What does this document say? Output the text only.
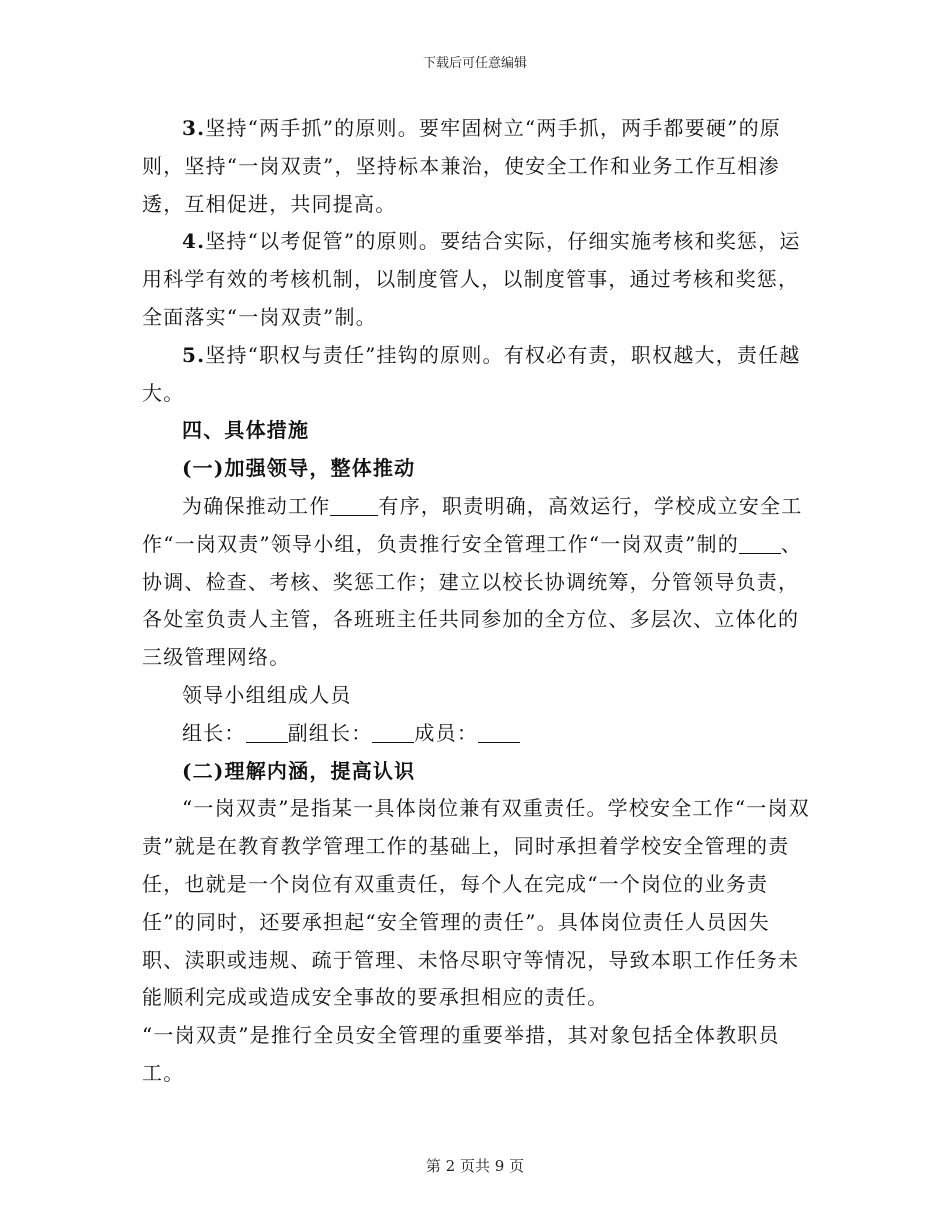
下载后可任意编辑

3.坚持“两手抓”的原则。要牢固树立“两手抓，两手都要硬”的原则，坚持“一岗双责”，坚持标本兼治，使安全工作和业务工作互相渗透，互相促进，共同提高。

4.坚持“以考促管”的原则。要结合实际，仔细实施考核和奖惩，运用科学有效的考核机制，以制度管人，以制度管事，通过考核和奖惩，全面落实“一岗双责”制。

5.坚持“职权与责任”挂钩的原则。有权必有责，职权越大，责任越大。

四、具体措施

(一)加强领导，整体推动

为确保推动工作 有序，职责明确，高效运行，学校成立安全工作“一岗双责”领导小组，负责推行安全管理工作“一岗双责”制的 、协调、检查、考核、奖惩工作；建立以校长协调统筹，分管领导负责，各处室负责人主管，各班班主任共同参加的全方位、多层次、立体化的三级管理网络。

领导小组组成人员

组长： 副组长： 成员：

(二)理解内涵，提高认识

“一岗双责”是指某一具体岗位兼有双重责任。学校安全工作“一岗双责”就是在教育教学管理工作的基础上，同时承担着学校安全管理的责任，也就是一个岗位有双重责任，每个人在完成“一个岗位的业务责任”的同时，还要承担起“安全管理的责任”。具体岗位责任人员因失职、渎职或违规、疏于管理、未恪尽职守等情况，导致本职工作任务未能顺利完成或造成安全事故的要承担相应的责任。

“一岗双责”是推行全员安全管理的重要举措，其对象包括全体教职员工。

第 2 页共 9 页
